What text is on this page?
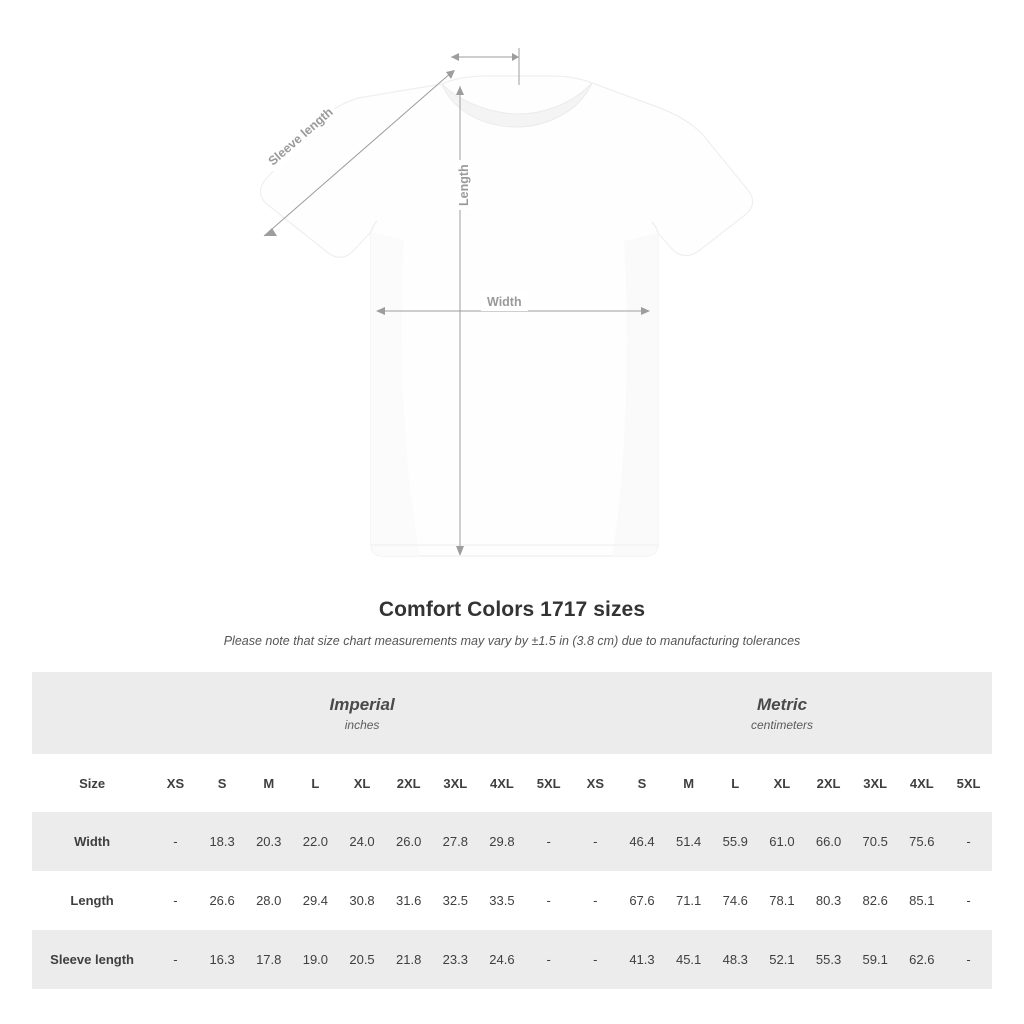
Sleeve length
Length
Width
Comfort Colors 1717 sizes
Please note that size chart measurements may vary by ±1.5 in (3.8 cm) due to manufacturing tolerances

	Imperial
inches									Metric
centimeters								

Size	XS	S	M	L	XL	2XL	3XL	4XL	5XL	XS	S	M	L	XL	2XL	3XL	4XL	5XL
Width	-	18.3	20.3	22.0	24.0	26.0	27.8	29.8	-	-	46.4	51.4	55.9	61.0	66.0	70.5	75.6	-
Length	-	26.6	28.0	29.4	30.8	31.6	32.5	33.5	-	-	67.6	71.1	74.6	78.1	80.3	82.6	85.1	-
Sleeve length	-	16.3	17.8	19.0	20.5	21.8	23.3	24.6	-	-	41.3	45.1	48.3	52.1	55.3	59.1	62.6	-
